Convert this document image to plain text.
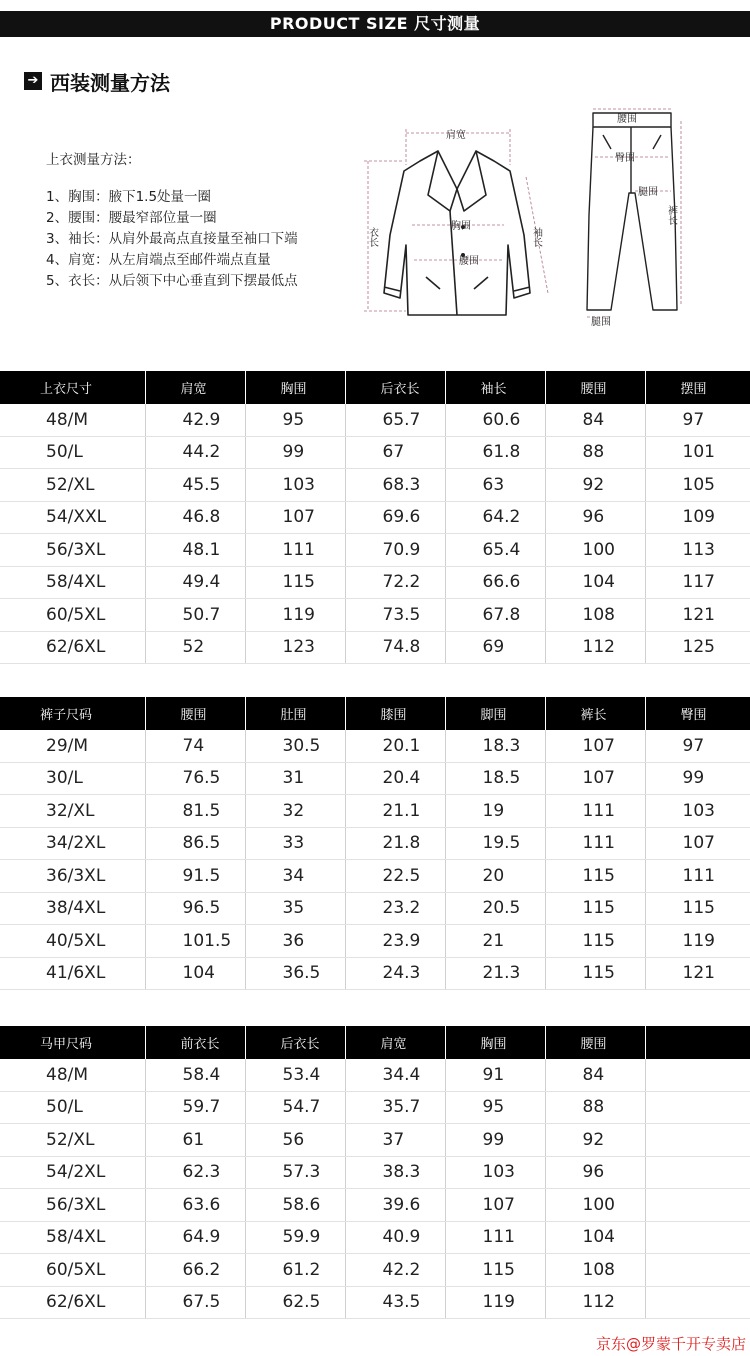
PRODUCT SIZE 尺寸测量
➔ 西装测量方法
上衣测量方法：
1、胸围：腋下1.5处量一圈
2、腰围：腰最窄部位量一圈
3、袖长：从肩外最高点直接量至袖口下端
4、肩宽：从左肩端点至邮件端点直量
5、衣长：从后领下中心垂直到下摆最低点
肩宽
胸围
腰围
衣长	袖长
腰围
臀围
腿围
裤长
腿围
上衣尺寸	肩宽	胸围	后衣长	袖长	腰围	摆围
48/M	42.9	95	65.7	60.6	84	97
50/L	44.2	99	67	61.8	88	101
52/XL	45.5	103	68.3	63	92	105
54/XXL	46.8	107	69.6	64.2	96	109
56/3XL	48.1	111	70.9	65.4	100	113
58/4XL	49.4	115	72.2	66.6	104	117
60/5XL	50.7	119	73.5	67.8	108	121
62/6XL	52	123	74.8	69	112	125
裤子尺码	腰围	肚围	膝围	脚围	裤长	臀围
29/M	74	30.5	20.1	18.3	107	97
30/L	76.5	31	20.4	18.5	107	99
32/XL	81.5	32	21.1	19	111	103
34/2XL	86.5	33	21.8	19.5	111	107
36/3XL	91.5	34	22.5	20	115	111
38/4XL	96.5	35	23.2	20.5	115	115
40/5XL	101.5	36	23.9	21	115	119
41/6XL	104	36.5	24.3	21.3	115	121
马甲尺码	前衣长	后衣长	肩宽	胸围	腰围	
48/M	58.4	53.4	34.4	91	84	
50/L	59.7	54.7	35.7	95	88	
52/XL	61	56	37	99	92	
54/2XL	62.3	57.3	38.3	103	96	
56/3XL	63.6	58.6	39.6	107	100	
58/4XL	64.9	59.9	40.9	111	104	
60/5XL	66.2	61.2	42.2	115	108	
62/6XL	67.5	62.5	43.5	119	112	
京东@罗蒙千开专卖店
